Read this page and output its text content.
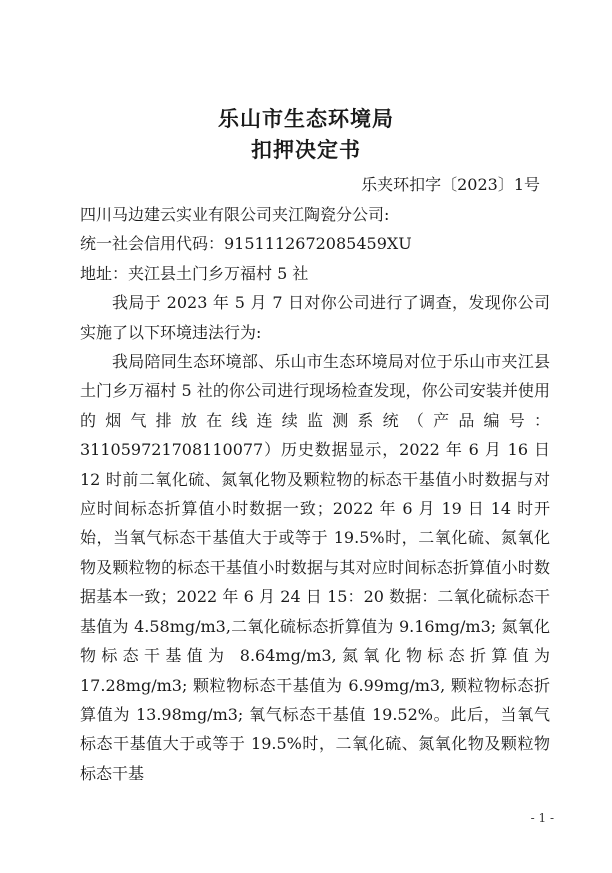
乐山市生态环境局
扣押决定书
乐夹环扣字〔2023〕1号

四川马边建云实业有限公司夹江陶瓷分公司:

统一社会信用代码：9151112672085459XU

地址：夹江县土门乡万福村 5 社

我局于 2023 年 5 月 7 日对你公司进行了调查，发现你公司实施了以下环境违法行为:

我局陪同生态环境部、乐山市生态环境局对位于乐山市夹江县土门乡万福村 5 社的你公司进行现场检查发现，你公司安装并使用的烟气排放在线连续监测系统（产品编号：311059721708110077）历史数据显示，2022 年 6 月 16 日 12 时前二氧化硫、氮氧化物及颗粒物的标态干基值小时数据与对应时间标态折算值小时数据一致；2022 年 6 月 19 日 14 时开始，当氧气标态干基值大于或等于 19.5%时，二氧化硫、氮氧化物及颗粒物的标态干基值小时数据与其对应时间标态折算值小时数据基本一致；2022 年 6 月 24 日 15：20 数据：二氧化硫标态干基值为 4.58mg/m3,二氧化硫标态折算值为 9.16mg/m3; 氮氧化物标态干基值为 8.64mg/m3,氮氧化物标态折算值为 17.28mg/m3; 颗粒物标态干基值为 6.99mg/m3, 颗粒物标态折算值为 13.98mg/m3; 氧气标态干基值 19.52%。此后，当氧气标态干基值大于或等于 19.5%时，二氧化硫、氮氧化物及颗粒物标态干基

- 1 -
